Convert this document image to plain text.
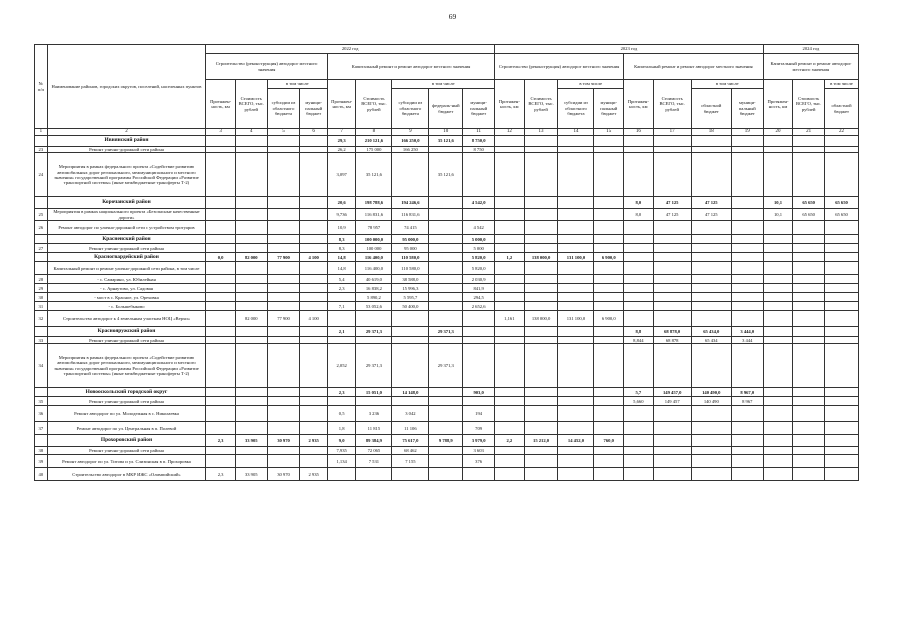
69
№ п/п	Наименование районов, городских округов, поселений, населенных пунктов	2022 год									2023 год								2024 год		
		Строительство (реконструкция) автодорог местного значения				Капитальный ремонт и ремонт автодорог местного значения					Строительство (реконструкция) автодорог местного значения				Капитальный ремонт и ремонт автодорог местного значения				Капитальный ремонт и ремонт автодорог местного значения		
		Протяжен-ность, км	Стоимость ВСЕГО, тыс. рублей	в том числе		Протяжен-ность, км	Стоимость ВСЕГО, тыс. рублей	в том числе			Протяжен-ность, км	Стоимость ВСЕГО, тыс. рублей	в том числе		Протяжен-ность, км	Стоимость ВСЕГО, тыс. рублей	в том числе		Протяжен-ность, км	Стоимость ВСЕГО, тыс. рублей	в том числе
				субсидии из областного бюджета	муници-пальный бюджет			субсидии из областного бюджета	федераль-ный бюджет	муници-пальный бюджет			субсидии из областного бюджета	муници-пальный бюджет			областной бюджет	муници-пальный бюджет			областной бюджет
1	2	3	4	5	6	7	8	9	10	11	12	13	14	15	16	17	18	19	20	21	22
	Ивнянский район					29,3	210 121,6	166 250,0	35 121,6	8 750,0											
23	Ремонт улично-дорожной сети района					26,2	175 000	166 250		8 750											
24	Мероприятия в рамках федерального проекта «Содействие развитию автомобильных дорог регионального, межмуниципального и местного значения» государственной программы Российской Федерации «Развитие транспортной системы» (иные межбюджетные трансферты Т-2)					3,097	35 121,6		35 121,6												
	Корочанский район					20,6	198 788,6	194 246,6		4 542,0					8,0	47 125	47 125		10,1	65 650	65 650
25	Мероприятия в рамках национального проекта «Безопасные качественные дороги»					9,736	116 831,6	116 831,6							8,0	47 125	47 125		10,1	65 650	65 650
26	Ремонт автодорог по улично-дорожной сети с устройством тротуаров					10,9	78 957	74 415		4 542											
	Красненский район					8,3	100 000,0	95 000,0		5 000,0											
27	Ремонт улично-дорожной сети района					8,3	100 000	95 000		5 000											
	Красногвардейский район	0,0	82 000	77 900	4 100	14,8	116 400,0	110 580,0		5 820,0	1,2	138 000,0	131 100,0	6 900,0							
	Капитальный ремонт и ремонт улично-дорожной сети района, в том числе					14,8	116 400,0	110 580,0		5 820,0											
28	- с. Самарино, ул. Юбилейная					5,4	40 619,0	38 588,0		2 030,9											
29	- с. Арнаутово, ул. Садовая					2,3	16 838,2	15 996,3		841,9											
30	- мост в с. Красное, ул. Ореховка						5 890,2	5 595,7		294,5											
31	- с. Большебыково					7,1	53 052,6	50 400,0		2 652,6											
32	Строительство автодорог к 4 земельным участкам НОЦ «Верхи»		82 000	77 900	4 100						1,161	138 000,0	131 100,0	6 900,0							
	Краснояружский район					2,1	29 371,3		29 371,3						8,8	68 878,0	65 434,0	3 444,0			
33	Ремонт улично-дорожной сети района														8,844	68 878	65 434	3 444			
34	Мероприятия в рамках федерального проекта «Содействие развитию автомобильных дорог регионального, межмуниципального и местного значения» государственной программы Российской Федерации «Развитие транспортной системы» (иные межбюджетные трансферты Т-2)					2,052	29 371,3		29 371,3												
	Новооскольский городской округ					2,3	15 051,0	14 148,0		903,0					5,7	149 457,0	140 490,0	8 967,0			
35	Ремонт улично-дорожной сети района														5,660	149 457	140 490	8 967			
36	Ремонт автодорог по ул. Молодежная в с. Николаевка					0,5	3 236	3 042		194											
37	Ремонт автодорог по ул. Центральная в п. Полевой					1,8	11 815	11 106		709											
	Прохоровский район	2,3	33 905	30 970	2 935	9,0	89 384,9	75 617,0	9 788,9	3 979,0	2,2	15 212,0	14 452,0	760,0							
38	Ремонт улично-дорожной сети района					7,935	72 065	68 462		3 603											
39	Ремонт автодорог по ул. Титова и ул. Слизинская в п. Прохоровка					1,134	7 531	7 155		376											
40	Строительство автодорог в МКР ИЖС «Олимпийский»	2,3	33 905	30 970	2 935																
